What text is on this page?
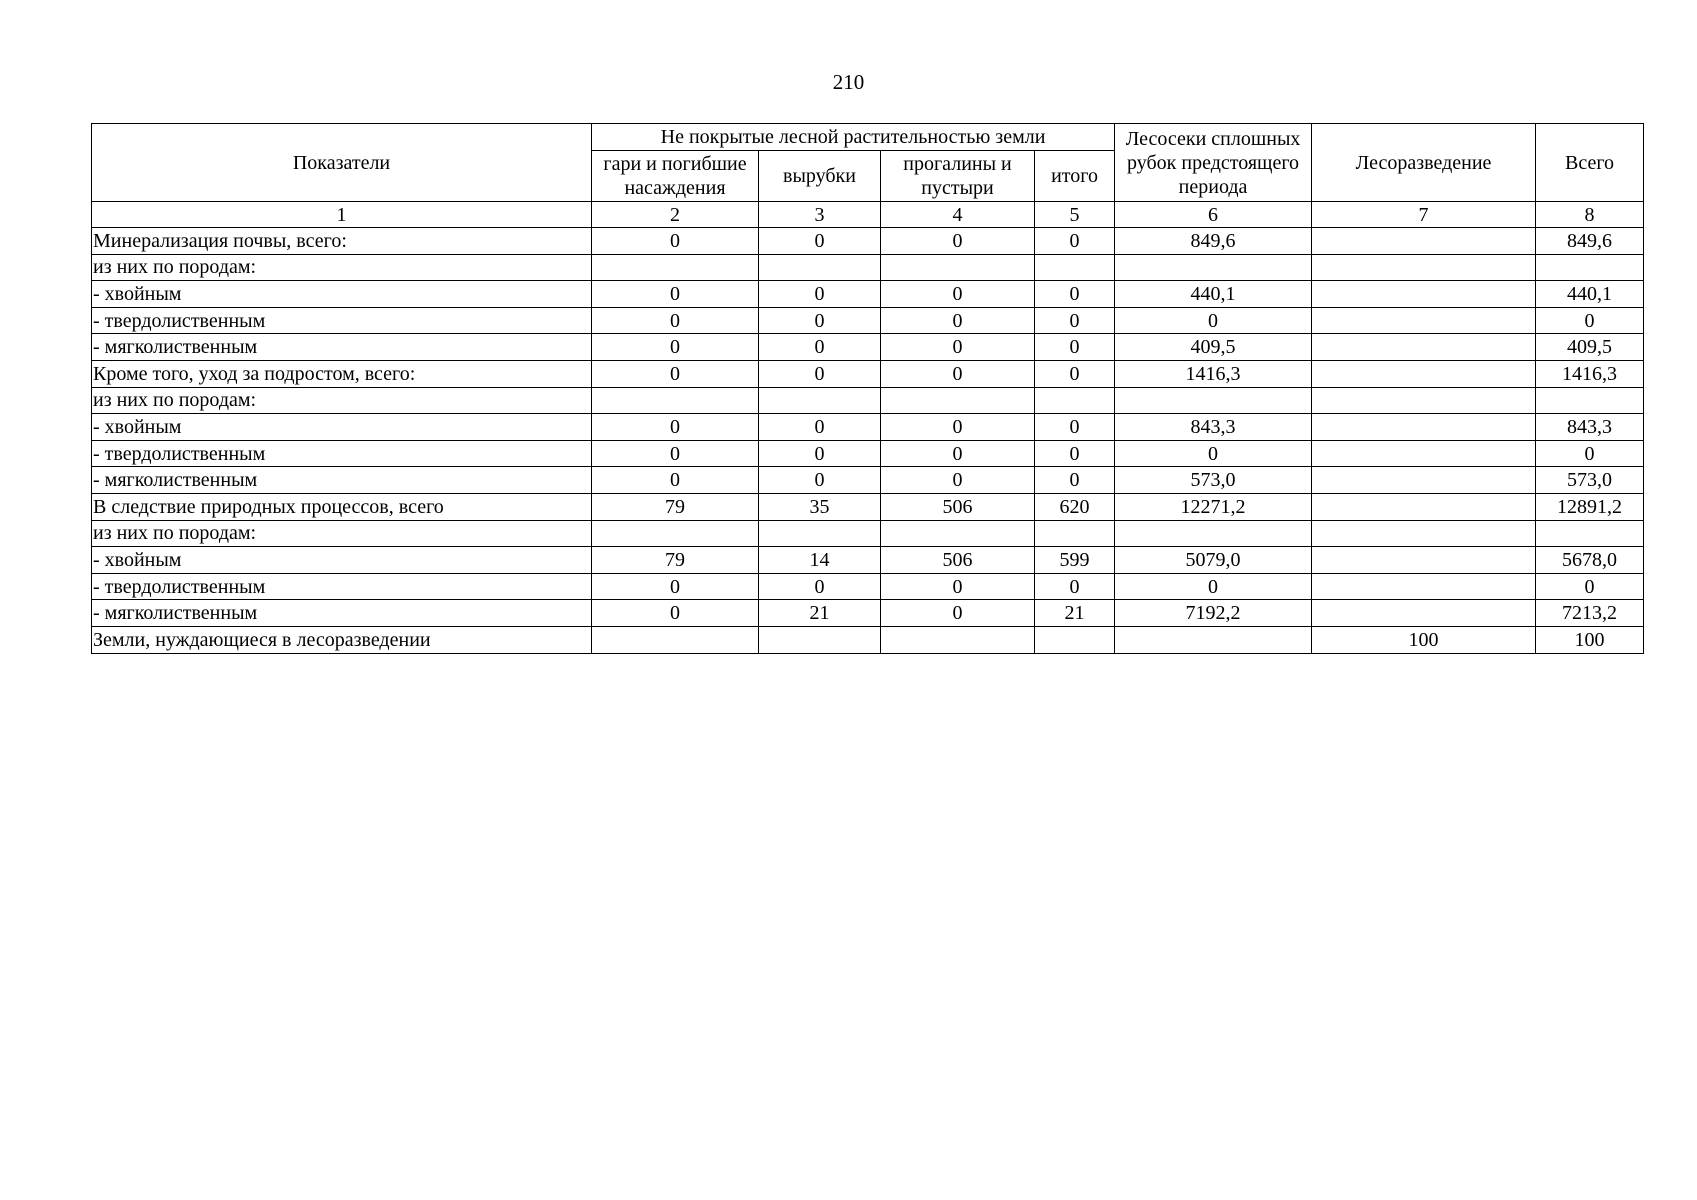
210
Показатели	Не покрытые лесной растительностью земли				Лесосеки сплошных рубок предстоящего периода	Лесоразведение	Всего
	гари и погибшие насаждения	вырубки	прогалины и пустыри	итого			
1	2	3	4	5	6	7	8
Минерализация почвы, всего:	0	0	0	0	849,6		849,6
из них по породам:							
- хвойным	0	0	0	0	440,1		440,1
- твердолиственным	0	0	0	0	0		0
- мягколиственным	0	0	0	0	409,5		409,5
Кроме того, уход за подростом, всего:	0	0	0	0	1416,3		1416,3
из них по породам:							
- хвойным	0	0	0	0	843,3		843,3
- твердолиственным	0	0	0	0	0		0
- мягколиственным	0	0	0	0	573,0		573,0
В следствие природных процессов, всего	79	35	506	620	12271,2		12891,2
из них по породам:							
- хвойным	79	14	506	599	5079,0		5678,0
- твердолиственным	0	0	0	0	0		0
- мягколиственным	0	21	0	21	7192,2		7213,2
Земли, нуждающиеся в лесоразведении						100	100
